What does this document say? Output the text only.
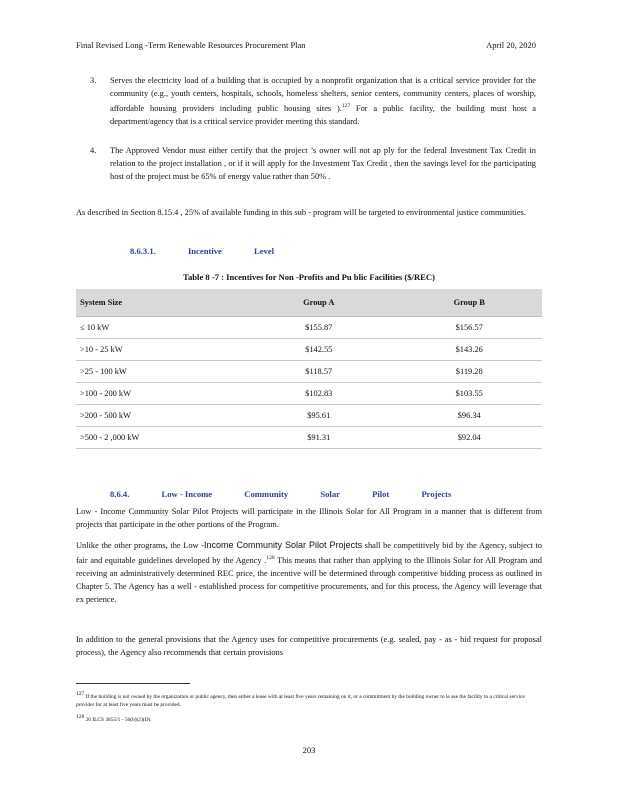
Final Revised Long -Term Renewable Resources Procurement Plan	April 20, 2020
3. Serves the electricity load of a building that is occupied by a nonprofit organization that is a critical service provider for the community (e.g., youth centers, hospitals, schools, homeless shelters, senior centers, community centers, places of worship, affordable housing providers including public housing sites ).$^{127}$ For a public facility, the building must host a department/agency that is a critical service provider meeting this standard.
4. The Approved Vendor must either certify that the project ’s owner will not ap ply for the federal Investment Tax Credit in relation to the project installation , or if it will apply for the Investment Tax Credit , then the savings level for the participating host of the project must be 65% of energy value rather than 50% .
As described in Section 8.15.4 , 25% of available funding in this sub - program will be targeted to environmental justice communities.
8.6.3.1.	Incentive	Level
Table 8 -7 : Incentives for Non -Profits and Pu blic Facilities ($/REC)
System Size	Group A	Group B
≤ 10 kW	$155.87	$156.57
>10 - 25 kW	$142.55	$143.26
>25 - 100 kW	$118.57	$119.28
>100 - 200 kW	$102.83	$103.55
>200 - 500 kW	$95.61	$96.34
>500 - 2 ,000 kW	$91.31	$92.04
8.6.4.	Low - Income	Community	Solar	Pilot	Projects
Low - Income Community Solar Pilot Projects will participate in the Illinois Solar for All Program in a manner that is different from projects that participate in the other portions of the Program.
Unlike the other programs, the Low -Income Community Solar Pilot Projects shall be competitively bid by the Agency, subject to fair and equitable guidelines developed by the Agency .$^{128}$ This means that rather than applying to the Illinois Solar for All Program and receiving an administratively determined REC price, the incentive will be determined through competitive bidding process as outlined in Chapter 5. The Agency has a well - established process for competitive procurements, and for this process, the Agency will leverage that ex perience.
In addition to the general provisions that the Agency uses for competitive procurements (e.g. sealed, pay - as - bid request for proposal process), the Agency also recommends that certain provisions
$^{127}$ If the building is not owned by the organization or public agency, then either a lease with at least five years remaining on it, or a commitment by the building owner to le ase the facility to a critical service provider for at least five years must be provided.
$^{128}$ 20 ILCS 3855/1 - 56(b)(2)(D).
203
